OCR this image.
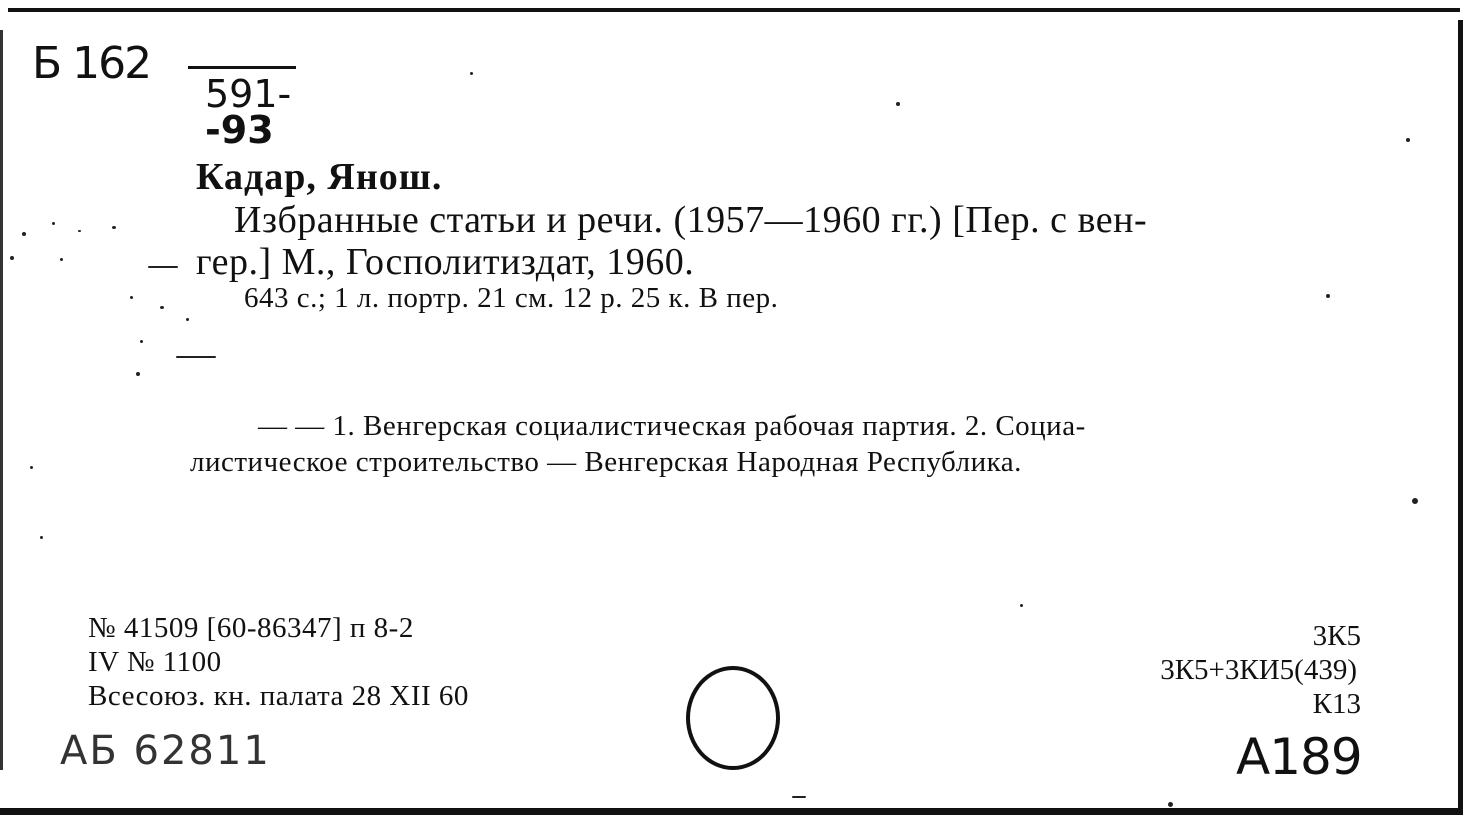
Б 162
591-
-93
Кадар, Янош.
Избранные статьи и речи. (1957—1960 гг.) [Пер. с вен-
гер.] М., Госполитиздат, 1960.
643 с.; 1 л. портр. 21 см. 12 р. 25 к. В пер.
— — 1. Венгерская социалистическая рабочая партия. 2. Социа-
листическое строительство — Венгерская Народная Республика.
№ 41509 [60-86347] п 8-2
IV № 1100
Всесоюз. кн. палата 28 XII 60
3К5
3К5+3КИ5(439)
К13
АБ 62811	А189
